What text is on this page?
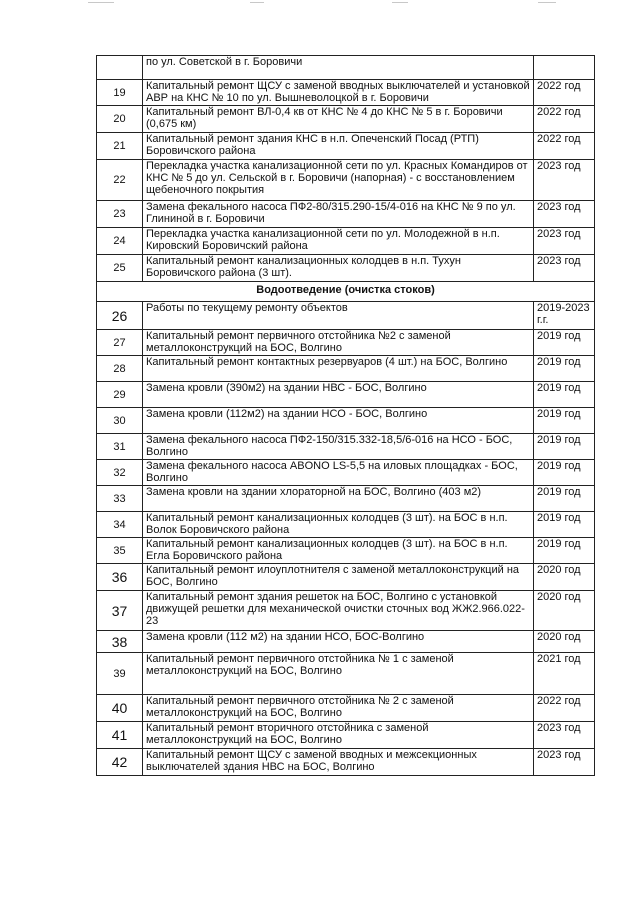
	по ул. Советской в г. Боровичи	
19	Капитальный ремонт ЩСУ с заменой вводных выключателей и установкой АВР на КНС № 10 по ул. Вышневолоцкой в г. Боровичи	2022 год
20	Капитальный ремонт ВЛ-0,4 кв от КНС № 4 до КНС № 5 в г. Боровичи (0,675 км)	2022 год
21	Капитальный ремонт здания КНС в н.п. Опеченский Посад (РТП) Боровичского района	2022 год
22	Перекладка участка канализационной сети по ул. Красных Командиров от КНС № 5 до ул. Сельской в г. Боровичи (напорная) - с восстановлением щебеночного покрытия	2023 год
23	Замена фекального насоса ПФ2-80/315.290-15/4-016 на КНС № 9 по ул. Глининой в г. Боровичи	2023 год
24	Перекладка участка канализационной сети по ул. Молодежной в н.п. Кировский Боровичский района	2023 год
25	Капитальный ремонт канализационных колодцев в н.п. Тухун Боровичского района (3 шт).	2023 год
Водоотведение (очистка стоков)		
26	Работы по текущему ремонту объектов	2019-2023 г.г.
27	Капитальный ремонт первичного отстойника №2 с заменой металлоконструкций на БОС, Волгино	2019 год
28	Капитальный ремонт контактных резервуаров (4 шт.) на БОС, Волгино	2019 год
29	Замена кровли (390м2) на здании НВС - БОС, Волгино	2019 год
30	Замена кровли (112м2) на здании НСО - БОС, Волгино	2019 год
31	Замена фекального насоса ПФ2-150/315.332-18,5/6-016 на НСО - БОС, Волгино	2019 год
32	Замена фекального насоса ABONO LS-5,5 на иловых площадках - БОС, Волгино	2019 год
33	Замена кровли на здании хлораторной на БОС, Волгино (403 м2)	2019 год
34	Капитальный ремонт канализационных колодцев (3 шт). на БОС в н.п. Волок Боровичского района	2019 год
35	Капитальный ремонт канализационных колодцев (3 шт). на БОС в н.п. Егла Боровичского района	2019 год
36	Капитальный ремонт илоуплотнителя с заменой металлоконструкций на БОС, Волгино	2020 год
37	Капитальный ремонт здания решеток на БОС, Волгино с установкой движущей решетки для механической очистки сточных вод ЖЖ2.966.022-23	2020 год
38	Замена кровли (112 м2) на здании НСО, БОС-Волгино	2020 год
39	Капитальный ремонт первичного отстойника № 1 с заменой металлоконструкций на БОС, Волгино	2021 год
40	Капитальный ремонт первичного отстойника № 2 с заменой металлоконструкций на БОС, Волгино	2022 год
41	Капитальный ремонт вторичного отстойника с заменой металлоконструкций на БОС, Волгино	2023 год
42	Капитальный ремонт ЩСУ с заменой вводных и межсекционных выключателей здания НВС на БОС, Волгино	2023 год
